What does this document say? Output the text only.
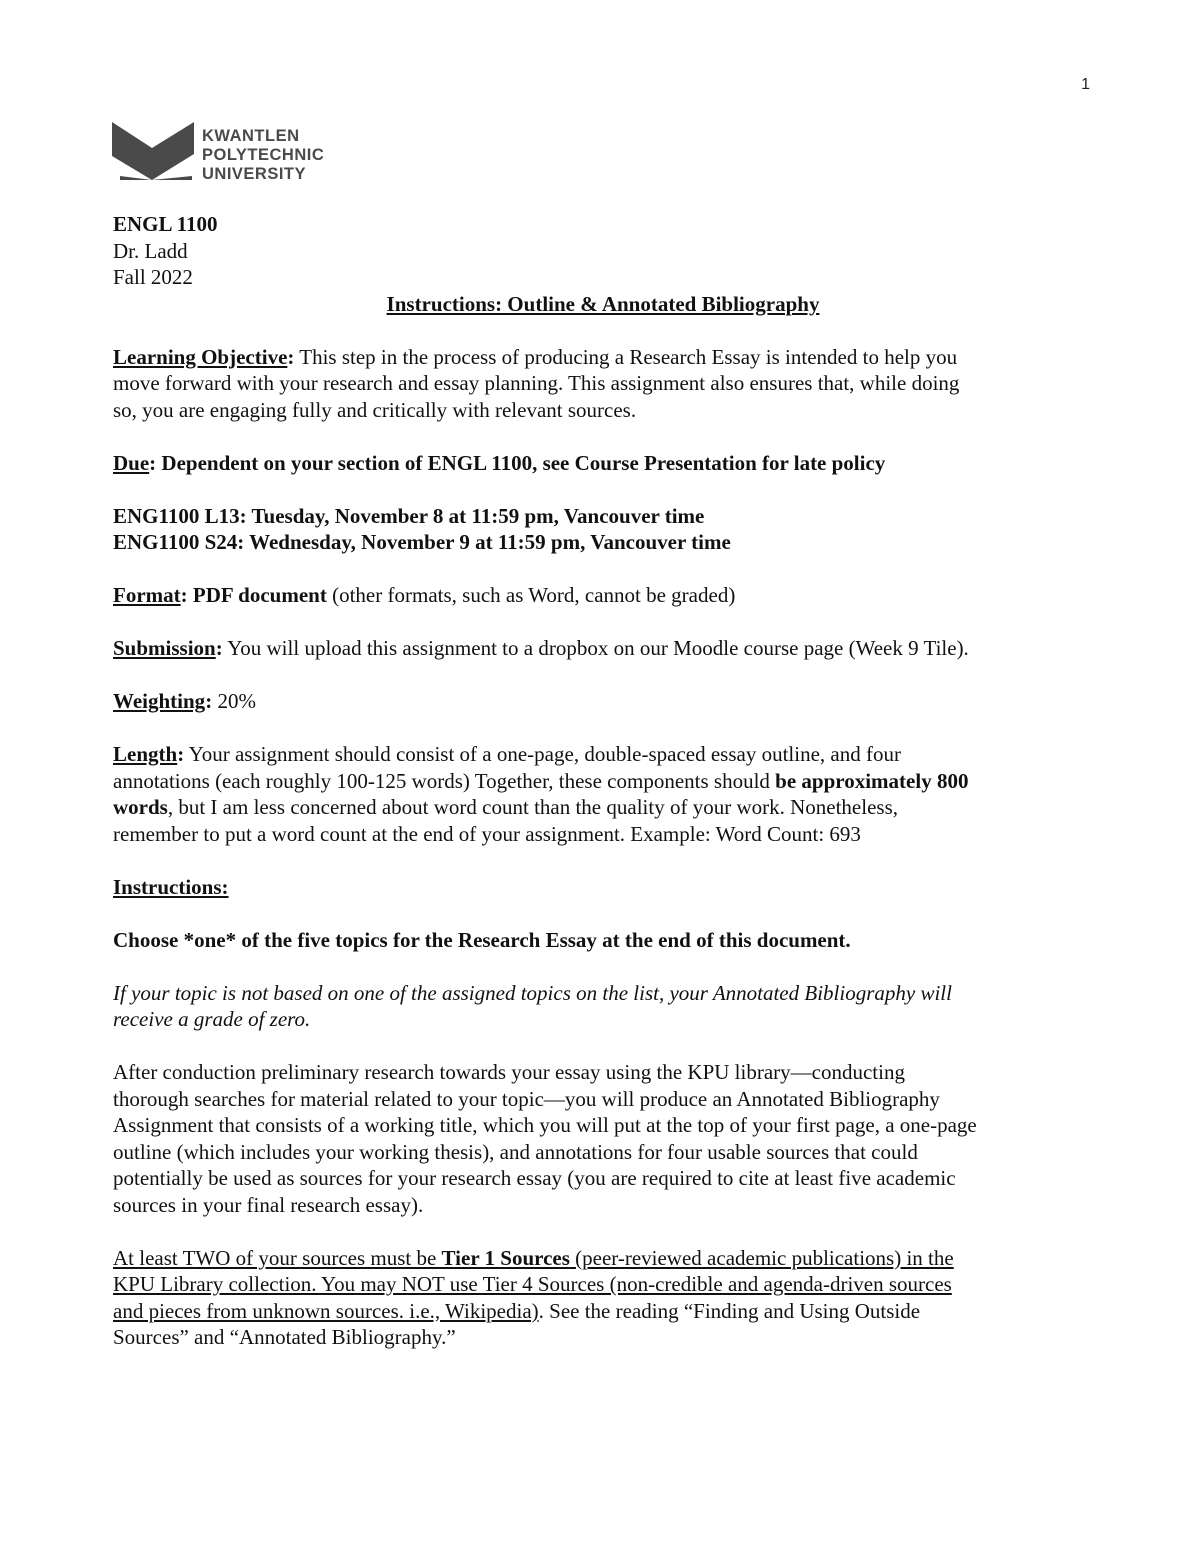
1
KWANTLEN
POLYTECHNIC
UNIVERSITY

ENGL 1100

Dr. Ladd

Fall 2022

Instructions: Outline & Annotated Bibliography

Learning Objective: This step in the process of producing a Research Essay is intended to help you

move forward with your research and essay planning. This assignment also ensures that, while doing

so, you are engaging fully and critically with relevant sources.

Due: Dependent on your section of ENGL 1100, see Course Presentation for late policy

ENG1100 L13: Tuesday, November 8 at 11:59 pm, Vancouver time

ENG1100 S24: Wednesday, November 9 at 11:59 pm, Vancouver time

Format: PDF document (other formats, such as Word, cannot be graded)

Submission: You will upload this assignment to a dropbox on our Moodle course page (Week 9 Tile).

Weighting: 20%

Length: Your assignment should consist of a one-page, double-spaced essay outline, and four

annotations (each roughly 100-125 words) Together, these components should be approximately 800

words, but I am less concerned about word count than the quality of your work. Nonetheless,

remember to put a word count at the end of your assignment. Example: Word Count: 693

Instructions:

Choose *one* of the five topics for the Research Essay at the end of this document.

If your topic is not based on one of the assigned topics on the list, your Annotated Bibliography will

receive a grade of zero.

After conduction preliminary research towards your essay using the KPU library—conducting

thorough searches for material related to your topic—you will produce an Annotated Bibliography

Assignment that consists of a working title, which you will put at the top of your first page, a one-page

outline (which includes your working thesis), and annotations for four usable sources that could

potentially be used as sources for your research essay (you are required to cite at least five academic

sources in your final research essay).

At least TWO of your sources must be Tier 1 Sources (peer-reviewed academic publications) in the

KPU Library collection. You may NOT use Tier 4 Sources (non-credible and agenda-driven sources

and pieces from unknown sources. i.e., Wikipedia). See the reading “Finding and Using Outside

Sources” and “Annotated Bibliography.”
